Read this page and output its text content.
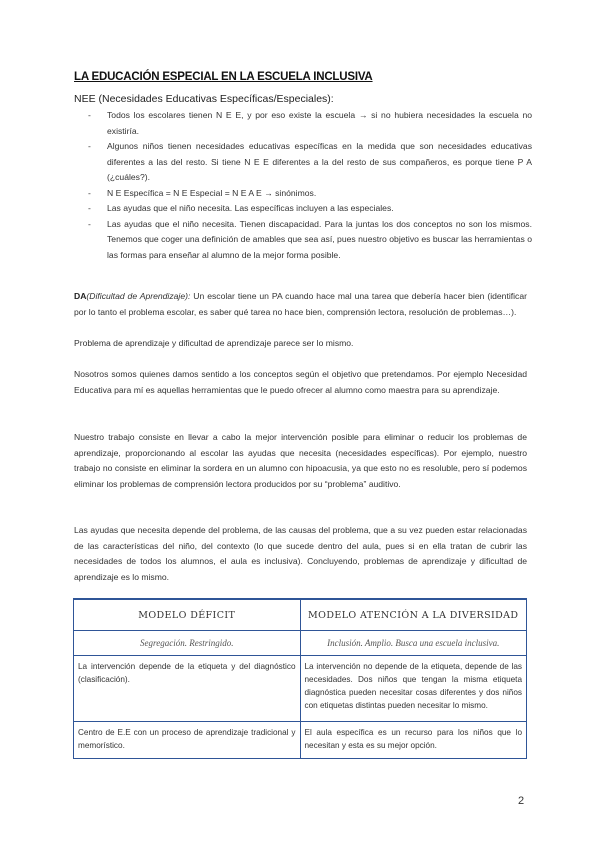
LA EDUCACIÓN ESPECIAL EN LA ESCUELA INCLUSIVA
NEE (Necesidades Educativas Específicas/Especiales):
- Todos los escolares tienen N E E, y por eso existe la escuela → si no hubiera necesidades la escuela no existiría.
- Algunos niños tienen necesidades educativas específicas en la medida que son necesidades educativas diferentes a las del resto. Si tiene N E E diferentes a la del resto de sus compañeros, es porque tiene P A (¿cuáles?).
- N E Específica = N E Especial = N E A E → sinónimos.
- Las ayudas que el niño necesita. Las específicas incluyen a las especiales.
- Las ayudas que el niño necesita. Tienen discapacidad. Para la juntas los dos conceptos no son los mismos. Tenemos que coger una definición de amables que sea así, pues nuestro objetivo es buscar las herramientas o las formas para enseñar al alumno de la mejor forma posible.
DA(Dificultad de Aprendizaje): Un escolar tiene un PA cuando hace mal una tarea que debería hacer bien (identificar por lo tanto el problema escolar, es saber qué tarea no hace bien, comprensión lectora, resolución de problemas…).
Problema de aprendizaje y dificultad de aprendizaje parece ser lo mismo.
Nosotros somos quienes damos sentido a los conceptos según el objetivo que pretendamos. Por ejemplo Necesidad Educativa para mí es aquellas herramientas que le puedo ofrecer al alumno como maestra para su aprendizaje.
Nuestro trabajo consiste en llevar a cabo la mejor intervención posible para eliminar o reducir los problemas de aprendizaje, proporcionando al escolar las ayudas que necesita (necesidades específicas). Por ejemplo, nuestro trabajo no consiste en eliminar la sordera en un alumno con hipoacusia, ya que esto no es resoluble, pero sí podemos eliminar los problemas de comprensión lectora producidos por su “problema” auditivo.
Las ayudas que necesita depende del problema, de las causas del problema, que a su vez pueden estar relacionadas de las características del niño, del contexto (lo que sucede dentro del aula, pues si en ella tratan de cubrir las necesidades de todos los alumnos, el aula es inclusiva). Concluyendo, problemas de aprendizaje y dificultad de aprendizaje es lo mismo.
MODELO DÉFICIT	MODELO ATENCIÓN A LA DIVERSIDAD
Segregación. Restringido.	Inclusión. Amplio. Busca una escuela inclusiva.
La intervención depende de la etiqueta y del diagnóstico (clasificación).	La intervención no depende de la etiqueta, depende de las necesidades. Dos niños que tengan la misma etiqueta diagnóstica pueden necesitar cosas diferentes y dos niños con etiquetas distintas pueden necesitar lo mismo.
Centro de E.E con un proceso de aprendizaje tradicional y memorístico.	El aula específica es un recurso para los niños que lo necesitan y esta es su mejor opción.
2
